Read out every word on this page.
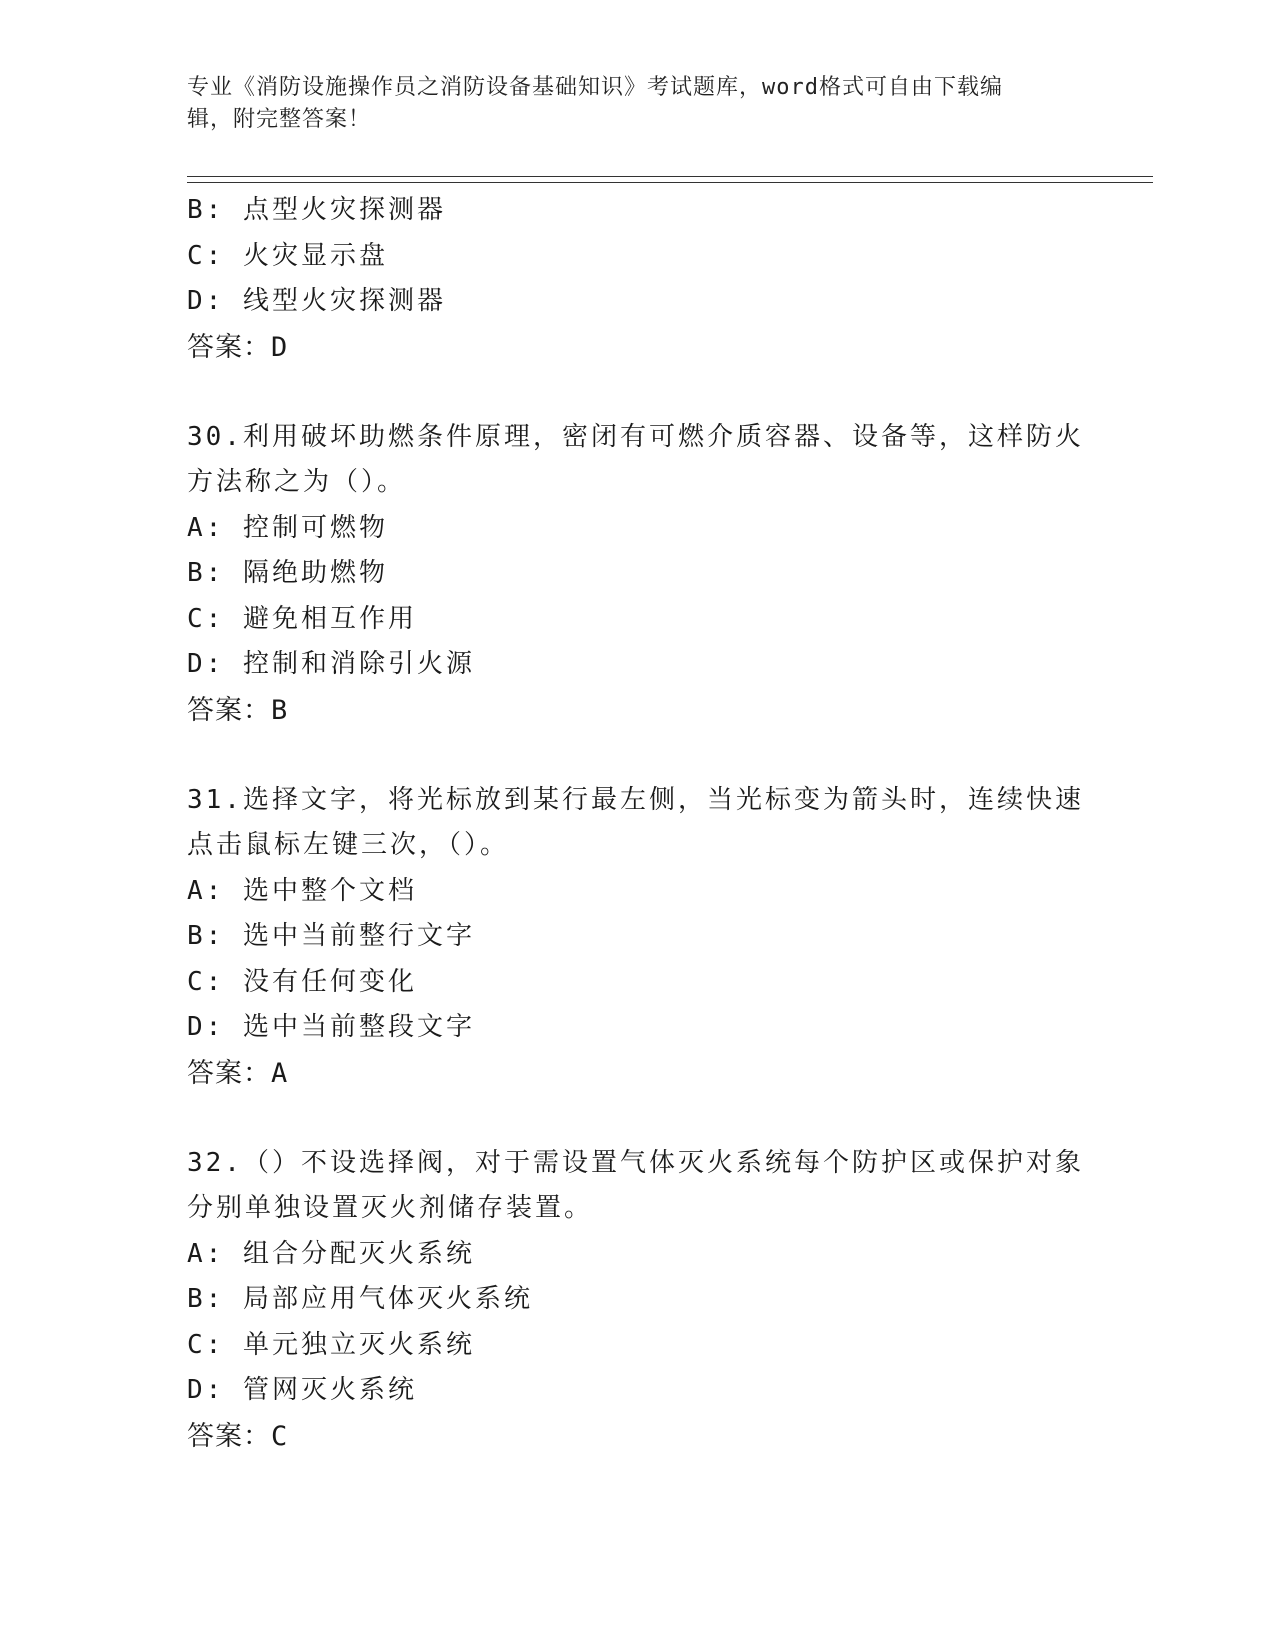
专业《消防设施操作员之消防设备基础知识》考试题库，word格式可自由下载编
辑，附完整答案！
B: 点型火灾探测器
C: 火灾显示盘
D: 线型火灾探测器
答案：D
30.利用破坏助燃条件原理，密闭有可燃介质容器、设备等，这样防火
方法称之为（）。
A: 控制可燃物
B: 隔绝助燃物
C: 避免相互作用
D: 控制和消除引火源
答案：B
31.选择文字，将光标放到某行最左侧，当光标变为箭头时，连续快速
点击鼠标左键三次，（）。
A: 选中整个文档
B: 选中当前整行文字
C: 没有任何变化
D: 选中当前整段文字
答案：A
32.（）不设选择阀，对于需设置气体灭火系统每个防护区或保护对象
分别单独设置灭火剂储存装置。
A: 组合分配灭火系统
B: 局部应用气体灭火系统
C: 单元独立灭火系统
D: 管网灭火系统
答案：C
